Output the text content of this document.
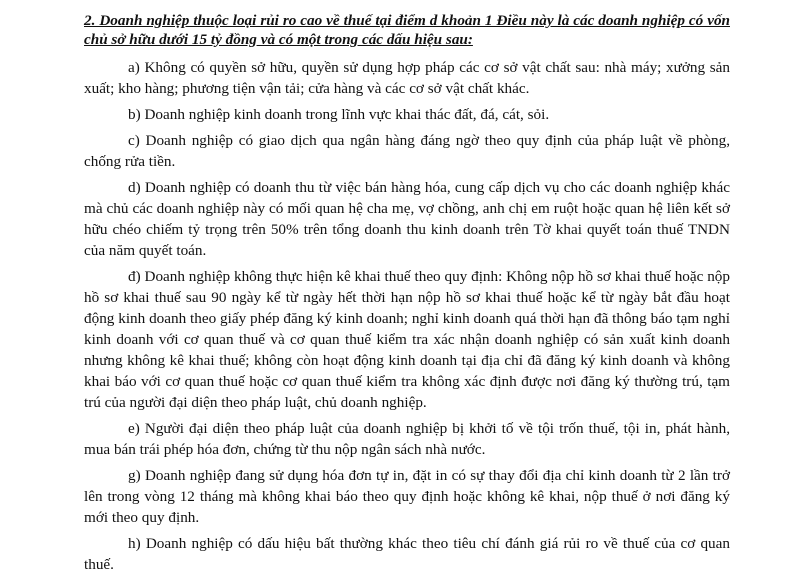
2. Doanh nghiệp thuộc loại rủi ro cao về thuế tại điểm d khoản 1 Điều này là các doanh nghiệp có vốn chủ sở hữu dưới 15 tỷ đồng và có một trong các dấu hiệu sau:

a) Không có quyền sở hữu, quyền sử dụng hợp pháp các cơ sở vật chất sau: nhà máy; xưởng sản xuất; kho hàng; phương tiện vận tải; cửa hàng và các cơ sở vật chất khác.

b) Doanh nghiệp kinh doanh trong lĩnh vực khai thác đất, đá, cát, sỏi.

c) Doanh nghiệp có giao dịch qua ngân hàng đáng ngờ theo quy định của pháp luật về phòng, chống rửa tiền.

d) Doanh nghiệp có doanh thu từ việc bán hàng hóa, cung cấp dịch vụ cho các doanh nghiệp khác mà chủ các doanh nghiệp này có mối quan hệ cha mẹ, vợ chồng, anh chị em ruột hoặc quan hệ liên kết sở hữu chéo chiếm tỷ trọng trên 50% trên tổng doanh thu kinh doanh trên Tờ khai quyết toán thuế TNDN của năm quyết toán.

đ) Doanh nghiệp không thực hiện kê khai thuế theo quy định: Không nộp hồ sơ khai thuế hoặc nộp hồ sơ khai thuế sau 90 ngày kể từ ngày hết thời hạn nộp hồ sơ khai thuế hoặc kể từ ngày bắt đầu hoạt động kinh doanh theo giấy phép đăng ký kinh doanh; nghỉ kinh doanh quá thời hạn đã thông báo tạm nghỉ kinh doanh với cơ quan thuế và cơ quan thuế kiểm tra xác nhận doanh nghiệp có sản xuất kinh doanh nhưng không kê khai thuế; không còn hoạt động kinh doanh tại địa chỉ đã đăng ký kinh doanh và không khai báo với cơ quan thuế hoặc cơ quan thuế kiểm tra không xác định được nơi đăng ký thường trú, tạm trú của người đại diện theo pháp luật, chủ doanh nghiệp.

e) Người đại diện theo pháp luật của doanh nghiệp bị khởi tố về tội trốn thuế, tội in, phát hành, mua bán trái phép hóa đơn, chứng từ thu nộp ngân sách nhà nước.

g) Doanh nghiệp đang sử dụng hóa đơn tự in, đặt in có sự thay đổi địa chỉ kinh doanh từ 2 lần trở lên trong vòng 12 tháng mà không khai báo theo quy định hoặc không kê khai, nộp thuế ở nơi đăng ký mới theo quy định.

h) Doanh nghiệp có dấu hiệu bất thường khác theo tiêu chí đánh giá rủi ro về thuế của cơ quan thuế.
